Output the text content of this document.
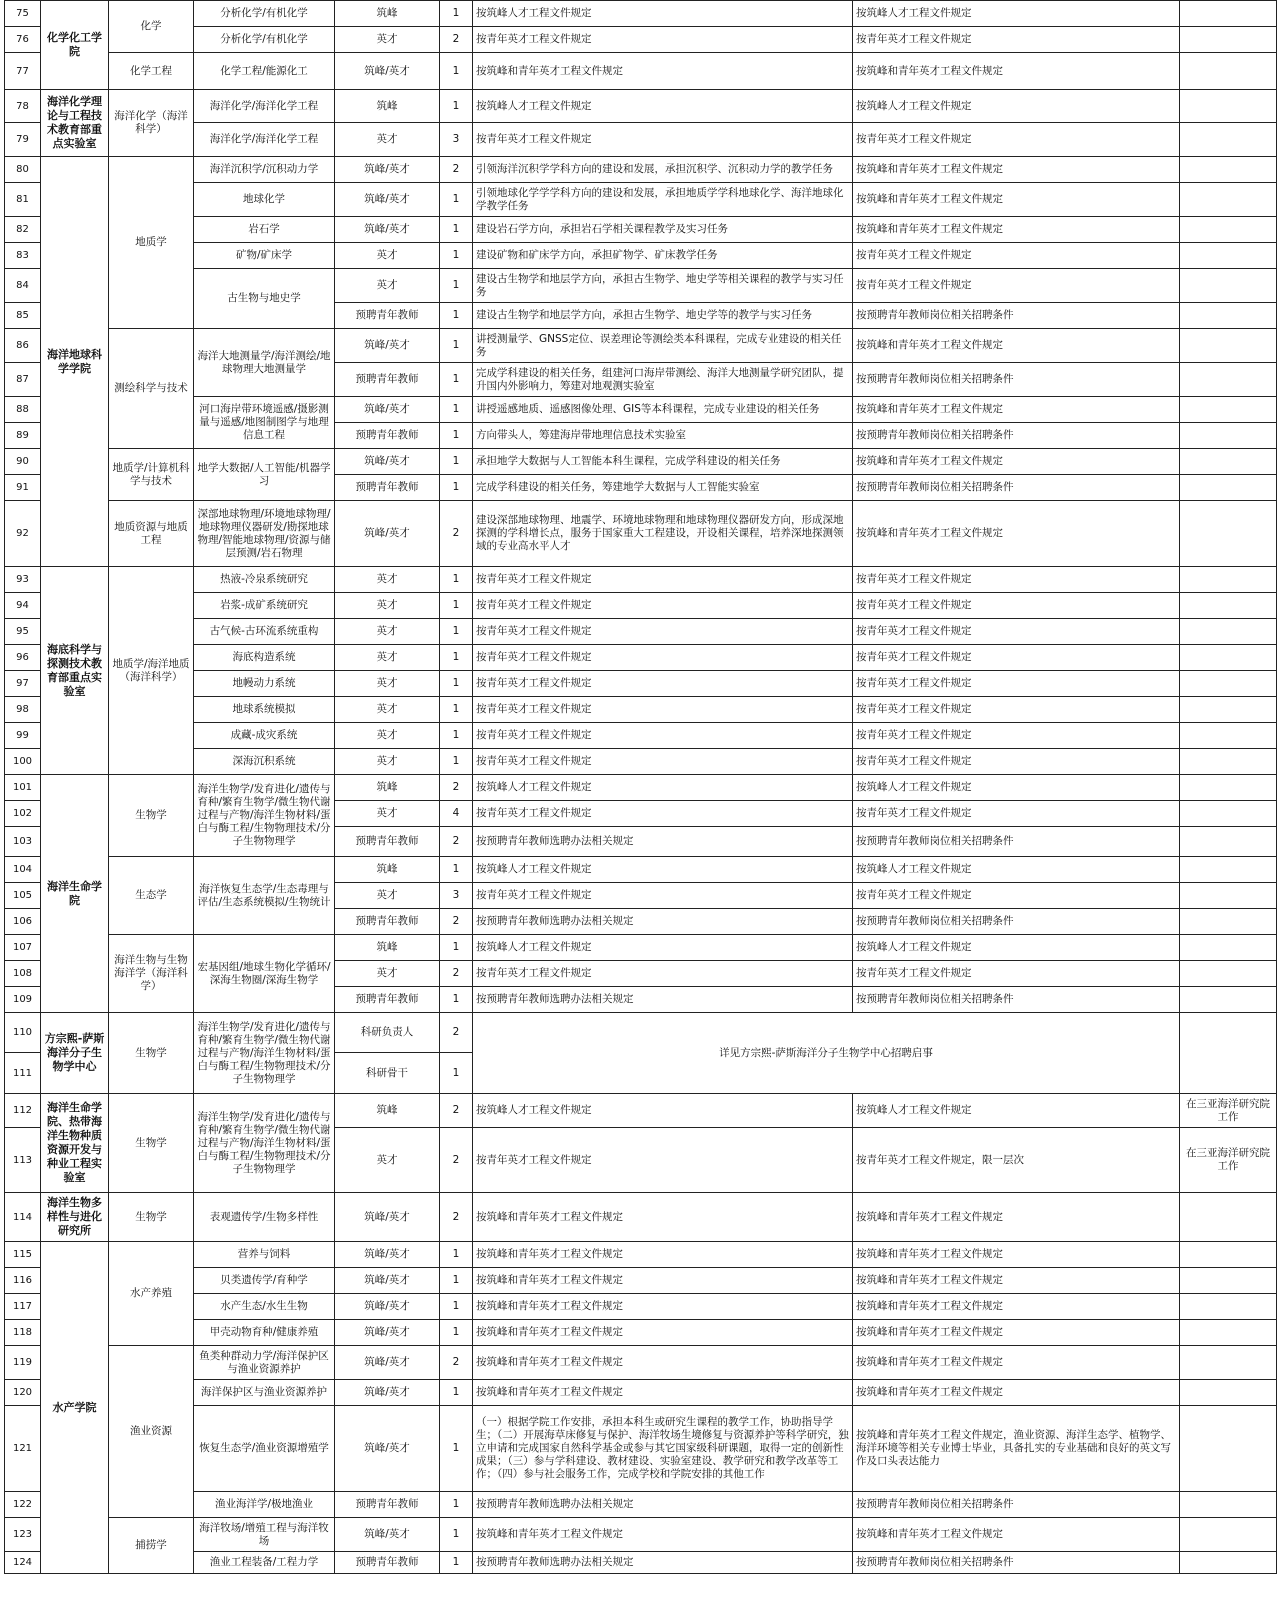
75	化学化工学院	化学	分析化学/有机化学	筑峰	1	按筑峰人才工程文件规定	按筑峰人才工程文件规定	
76			分析化学/有机化学	英才	2	按青年英才工程文件规定	按青年英才工程文件规定	
77		化学工程	化学工程/能源化工	筑峰/英才	1	按筑峰和青年英才工程文件规定	按筑峰和青年英才工程文件规定	
78	海洋化学理论与工程技术教育部重点实验室	海洋化学（海洋科学）	海洋化学/海洋化学工程	筑峰	1	按筑峰人才工程文件规定	按筑峰人才工程文件规定	
79			海洋化学/海洋化学工程	英才	3	按青年英才工程文件规定	按青年英才工程文件规定	
80	海洋地球科学学院	地质学	海洋沉积学/沉积动力学	筑峰/英才	2	引领海洋沉积学学科方向的建设和发展，承担沉积学、沉积动力学的教学任务	按筑峰和青年英才工程文件规定	
81			地球化学	筑峰/英才	1	引领地球化学学学科方向的建设和发展，承担地质学学科地球化学、海洋地球化学教学任务	按筑峰和青年英才工程文件规定	
82			岩石学	筑峰/英才	1	建设岩石学方向，承担岩石学相关课程教学及实习任务	按筑峰和青年英才工程文件规定	
83			矿物/矿床学	英才	1	建设矿物和矿床学方向，承担矿物学、矿床教学任务	按青年英才工程文件规定	
84			古生物与地史学	英才	1	建设古生物学和地层学方向，承担古生物学、地史学等相关课程的教学与实习任务	按青年英才工程文件规定	
85				预聘青年教师	1	建设古生物学和地层学方向，承担古生物学、地史学等的教学与实习任务	按预聘青年教师岗位相关招聘条件	
86		测绘科学与技术	海洋大地测量学/海洋测绘/地球物理大地测量学	筑峰/英才	1	讲授测量学、GNSS定位、误差理论等测绘类本科课程，完成专业建设的相关任务	按筑峰和青年英才工程文件规定	
87				预聘青年教师	1	完成学科建设的相关任务，组建河口海岸带测绘、海洋大地测量学研究团队，提升国内外影响力，筹建对地观测实验室	按预聘青年教师岗位相关招聘条件	
88			河口海岸带环境遥感/摄影测量与遥感/地图制图学与地理信息工程	筑峰/英才	1	讲授遥感地质、遥感图像处理、GIS等本科课程，完成专业建设的相关任务	按筑峰和青年英才工程文件规定	
89				预聘青年教师	1	方向带头人，筹建海岸带地理信息技术实验室	按预聘青年教师岗位相关招聘条件	
90		地质学/计算机科学与技术	地学大数据/人工智能/机器学习	筑峰/英才	1	承担地学大数据与人工智能本科生课程，完成学科建设的相关任务	按筑峰和青年英才工程文件规定	
91				预聘青年教师	1	完成学科建设的相关任务，筹建地学大数据与人工智能实验室	按预聘青年教师岗位相关招聘条件	
92		地质资源与地质工程	深部地球物理/环境地球物理/地球物理仪器研发/勘探地球物理/智能地球物理/资源与储层预测/岩石物理	筑峰/英才	2	建设深部地球物理、地震学、环境地球物理和地球物理仪器研发方向，形成深地探测的学科增长点，服务于国家重大工程建设，开设相关课程，培养深地探测领域的专业高水平人才	按筑峰和青年英才工程文件规定	
93	海底科学与探测技术教育部重点实验室	地质学/海洋地质（海洋科学）	热液-冷泉系统研究	英才	1	按青年英才工程文件规定	按青年英才工程文件规定	
94			岩浆-成矿系统研究	英才	1	按青年英才工程文件规定	按青年英才工程文件规定	
95			古气候-古环流系统重构	英才	1	按青年英才工程文件规定	按青年英才工程文件规定	
96			海底构造系统	英才	1	按青年英才工程文件规定	按青年英才工程文件规定	
97			地幔动力系统	英才	1	按青年英才工程文件规定	按青年英才工程文件规定	
98			地球系统模拟	英才	1	按青年英才工程文件规定	按青年英才工程文件规定	
99			成藏-成灾系统	英才	1	按青年英才工程文件规定	按青年英才工程文件规定	
100			深海沉积系统	英才	1	按青年英才工程文件规定	按青年英才工程文件规定	
101	海洋生命学院	生物学	海洋生物学/发育进化/遗传与育种/繁育生物学/微生物代谢过程与产物/海洋生物材料/蛋白与酶工程/生物物理技术/分子生物物理学	筑峰	2	按筑峰人才工程文件规定	按筑峰人才工程文件规定	
102				英才	4	按青年英才工程文件规定	按青年英才工程文件规定	
103				预聘青年教师	2	按预聘青年教师选聘办法相关规定	按预聘青年教师岗位相关招聘条件	
104		生态学	海洋恢复生态学/生态毒理与评估/生态系统模拟/生物统计	筑峰	1	按筑峰人才工程文件规定	按筑峰人才工程文件规定	
105				英才	3	按青年英才工程文件规定	按青年英才工程文件规定	
106				预聘青年教师	2	按预聘青年教师选聘办法相关规定	按预聘青年教师岗位相关招聘条件	
107		海洋生物与生物海洋学（海洋科学）	宏基因组/地球生物化学循环/深海生物圈/深海生物学	筑峰	1	按筑峰人才工程文件规定	按筑峰人才工程文件规定	
108				英才	2	按青年英才工程文件规定	按青年英才工程文件规定	
109				预聘青年教师	1	按预聘青年教师选聘办法相关规定	按预聘青年教师岗位相关招聘条件	
110	方宗熙-萨斯海洋分子生物学中心	生物学	海洋生物学/发育进化/遗传与育种/繁育生物学/微生物代谢过程与产物/海洋生物材料/蛋白与酶工程/生物物理技术/分子生物物理学	科研负责人	2	详见方宗熙-萨斯海洋分子生物学中心招聘启事		
111				科研骨干	1			
112	海洋生命学院、热带海洋生物种质资源开发与种业工程实验室	生物学	海洋生物学/发育进化/遗传与育种/繁育生物学/微生物代谢过程与产物/海洋生物材料/蛋白与酶工程/生物物理技术/分子生物物理学	筑峰	2	按筑峰人才工程文件规定	按筑峰人才工程文件规定	在三亚海洋研究院工作
113				英才	2	按青年英才工程文件规定	按青年英才工程文件规定，限一层次	在三亚海洋研究院工作
114	海洋生物多样性与进化研究所	生物学	表观遗传学/生物多样性	筑峰/英才	2	按筑峰和青年英才工程文件规定	按筑峰和青年英才工程文件规定	
115	水产学院	水产养殖	营养与饲料	筑峰/英才	1	按筑峰和青年英才工程文件规定	按筑峰和青年英才工程文件规定	
116			贝类遗传学/育种学	筑峰/英才	1	按筑峰和青年英才工程文件规定	按筑峰和青年英才工程文件规定	
117			水产生态/水生生物	筑峰/英才	1	按筑峰和青年英才工程文件规定	按筑峰和青年英才工程文件规定	
118			甲壳动物育种/健康养殖	筑峰/英才	1	按筑峰和青年英才工程文件规定	按筑峰和青年英才工程文件规定	
119		渔业资源	鱼类种群动力学/海洋保护区与渔业资源养护	筑峰/英才	2	按筑峰和青年英才工程文件规定	按筑峰和青年英才工程文件规定	
120			海洋保护区与渔业资源养护	筑峰/英才	1	按筑峰和青年英才工程文件规定	按筑峰和青年英才工程文件规定	
121			恢复生态学/渔业资源增殖学	筑峰/英才	1	（一）根据学院工作安排，承担本科生或研究生课程的教学工作，协助指导学生；（二）开展海草床修复与保护、海洋牧场生境修复与资源养护等科学研究，独立申请和完成国家自然科学基金或参与其它国家级科研课题，取得一定的创新性成果；（三）参与学科建设、教材建设、实验室建设、教学研究和教学改革等工作；（四）参与社会服务工作，完成学校和学院安排的其他工作	按筑峰和青年英才工程文件规定，渔业资源、海洋生态学、植物学、海洋环境等相关专业博士毕业，具备扎实的专业基础和良好的英文写作及口头表达能力	
122			渔业海洋学/极地渔业	预聘青年教师	1	按预聘青年教师选聘办法相关规定	按预聘青年教师岗位相关招聘条件	
123		捕捞学	海洋牧场/增殖工程与海洋牧场	筑峰/英才	1	按筑峰和青年英才工程文件规定	按筑峰和青年英才工程文件规定	
124			渔业工程装备/工程力学	预聘青年教师	1	按预聘青年教师选聘办法相关规定	按预聘青年教师岗位相关招聘条件	
